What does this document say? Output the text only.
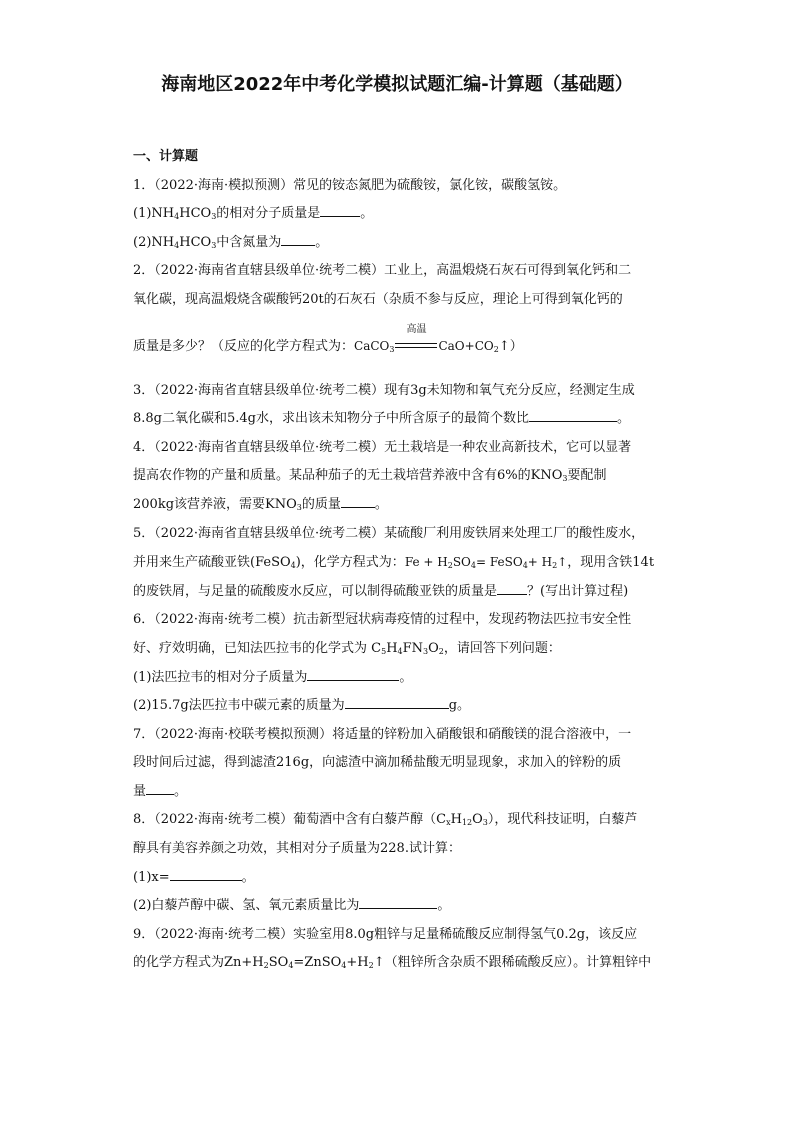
海南地区2022年中考化学模拟试题汇编-计算题（基础题）
一、计算题
1．（2022·海南·模拟预测）常见的铵态氮肥为硫酸铵，氯化铵，碳酸氢铵。
$(1)NH_4HCO_3$的相对分子质量是	。
$(2)NH_4HCO_3$中含氮量为	。
2．（2022·海南省直辖县级单位·统考二模）工业上，高温煅烧石灰石可得到氧化钙和二
氧化碳，现高温煅烧含碳酸钙20t的石灰石（杂质不参与反应，理论上可得到氧化钙的
质量是多少？（反应的化学方程式为：CaCO$_3$
高温
$CaO+CO_2↑$）
3．（2022·海南省直辖县级单位·统考二模）现有3g未知物和氧气充分反应，经测定生成
8.8g二氧化碳和5.4g水，求出该未知物分子中所含原子的最简个数比	。
4．（2022·海南省直辖县级单位·统考二模）无土栽培是一种农业高新技术，它可以显著
提高农作物的产量和质量。某品种茄子的无土栽培营养液中含有6%的$KNO_3$要配制
200kg该营养液，需要$KNO_3$的质量	。
5．（2022·海南省直辖县级单位·统考二模）某硫酸厂利用废铁屑来处理工厂的酸性废水，
并用来生产硫酸亚铁(FeSO$_4$)，化学方程式为：$Fe + H_2SO_4=$ FeSO$_4$+ $H_2↑$，现用含铁14t
的废铁屑，与足量的硫酸废水反应，可以制得硫酸亚铁的质量是 ？(写出计算过程)
6．（2022·海南·统考二模）抗击新型冠状病毒疫情的过程中，发现药物法匹拉韦安全性
好、疗效明确，已知法匹拉韦的化学式为 $C_5H_4FN_3O_2$，请回答下列问题：
(1)法匹拉韦的相对分子质量为	。
(2)15.7g法匹拉韦中碳元素的质量为	g。
7．（2022·海南·校联考模拟预测）将适量的锌粉加入硝酸银和硝酸镁的混合溶液中，一
段时间后过滤，得到滤渣216g，向滤渣中滴加稀盐酸无明显现象，求加入的锌粉的质
量 。
8．（2022·海南·统考二模）葡萄酒中含有白藜芦醇$(C_xH_{12}O_3)$，现代科技证明，白藜芦
醇具有美容养颜之功效，其相对分子质量为228.试计算：
(1)x=	。
(2)白藜芦醇中碳、氢、氧元素质量比为	。
9．（2022·海南·统考二模）实验室用8.0g粗锌与足量稀硫酸反应制得氢气0.2g，该反应
的化学方程式为$Zn+H_2SO_4=ZnSO_4+H_2↑$（粗锌所含杂质不跟稀硫酸反应）。计算粗锌中
